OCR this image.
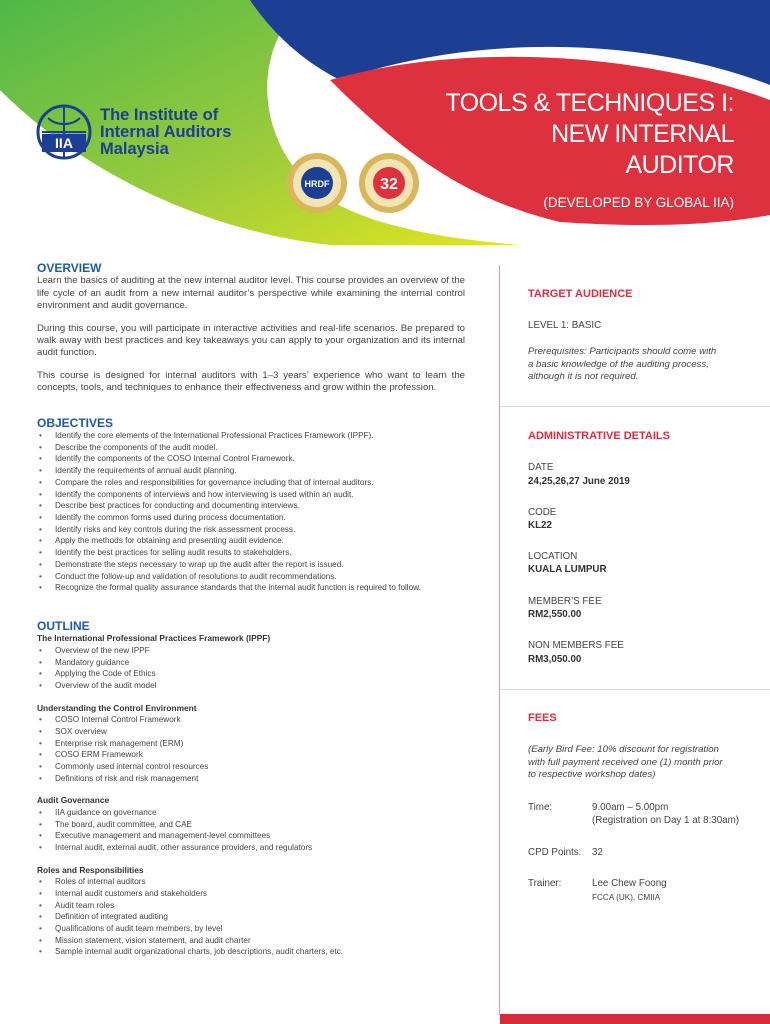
IIA
The Institute of
Internal Auditors
Malaysia
HRDF	32
TOOLS & TECHNIQUES I:
NEW INTERNAL
AUDITOR
(DEVELOPED BY GLOBAL IIA)
OVERVIEW

Learn the basics of auditing at the new internal auditor level. This course provides an overview of the life cycle of an audit from a new internal auditor’s perspective while examining the internal control environment and audit governance.

During this course, you will participate in interactive activities and real-life scenarios. Be prepared to walk away with best practices and key takeaways you can apply to your organization and its internal audit function.

This course is designed for internal auditors with 1–3 years’ experience who want to learn the concepts, tools, and techniques to enhance their effectiveness and grow within the profession.

OBJECTIVES
• Identify the core elements of the International Professional Practices Framework (IPPF).
• Describe the components of the audit model.
• Identify the components of the COSO Internal Control Framework.
• Identify the requirements of annual audit planning.
• Compare the roles and responsibilities for governance including that of internal auditors.
• Identify the components of interviews and how interviewing is used within an audit.
• Describe best practices for conducting and documenting interviews.
• Identify the common forms used during process documentation.
• Identify risks and key controls during the risk assessment process.
• Apply the methods for obtaining and presenting audit evidence.
• Identify the best practices for selling audit results to stakeholders.
• Demonstrate the steps necessary to wrap up the audit after the report is issued.
• Conduct the follow-up and validation of resolutions to audit recommendations.
• Recognize the formal quality assurance standards that the internal audit function is required to follow.
OUTLINE
The International Professional Practices Framework (IPPF)
• Overview of the new IPPF
• Mandatory guidance
• Applying the Code of Ethics
• Overview of the audit model
Understanding the Control Environment
• COSO Internal Control Framework
• SOX overview
• Enterprise risk management (ERM)
• COSO ERM Framework
• Commonly used internal control resources
• Definitions of risk and risk management
Audit Governance
• IIA guidance on governance
• The board, audit committee, and CAE
• Executive management and management-level committees
• Internal audit, external audit, other assurance providers, and regulators
Roles and Responsibilities
• Roles of internal auditors
• Internal audit customers and stakeholders
• Audit team roles
• Definition of integrated auditing
• Qualifications of audit team members, by level
• Mission statement, vision statement, and audit charter
• Sample internal audit organizational charts, job descriptions, audit charters, etc.
TARGET AUDIENCE
LEVEL 1: BASIC
Prerequisites: Participants should come with a basic knowledge of the auditing process, although it is not required.
ADMINISTRATIVE DETAILS
DATE
24,25,26,27 June 2019
CODE
KL22
LOCATION
KUALA LUMPUR
MEMBER’S FEE
RM2,550.00
NON MEMBERS FEE
RM3,050.00
FEES
(Early Bird Fee: 10% discount for registration with full payment received one (1) month prior to respective workshop dates)
Time:	9.00am – 5.00pm
(Registration on Day 1 at 8:30am)
CPD Points: 32
Trainer:	Lee Chew Foong
FCCA (UK), CMIIA
